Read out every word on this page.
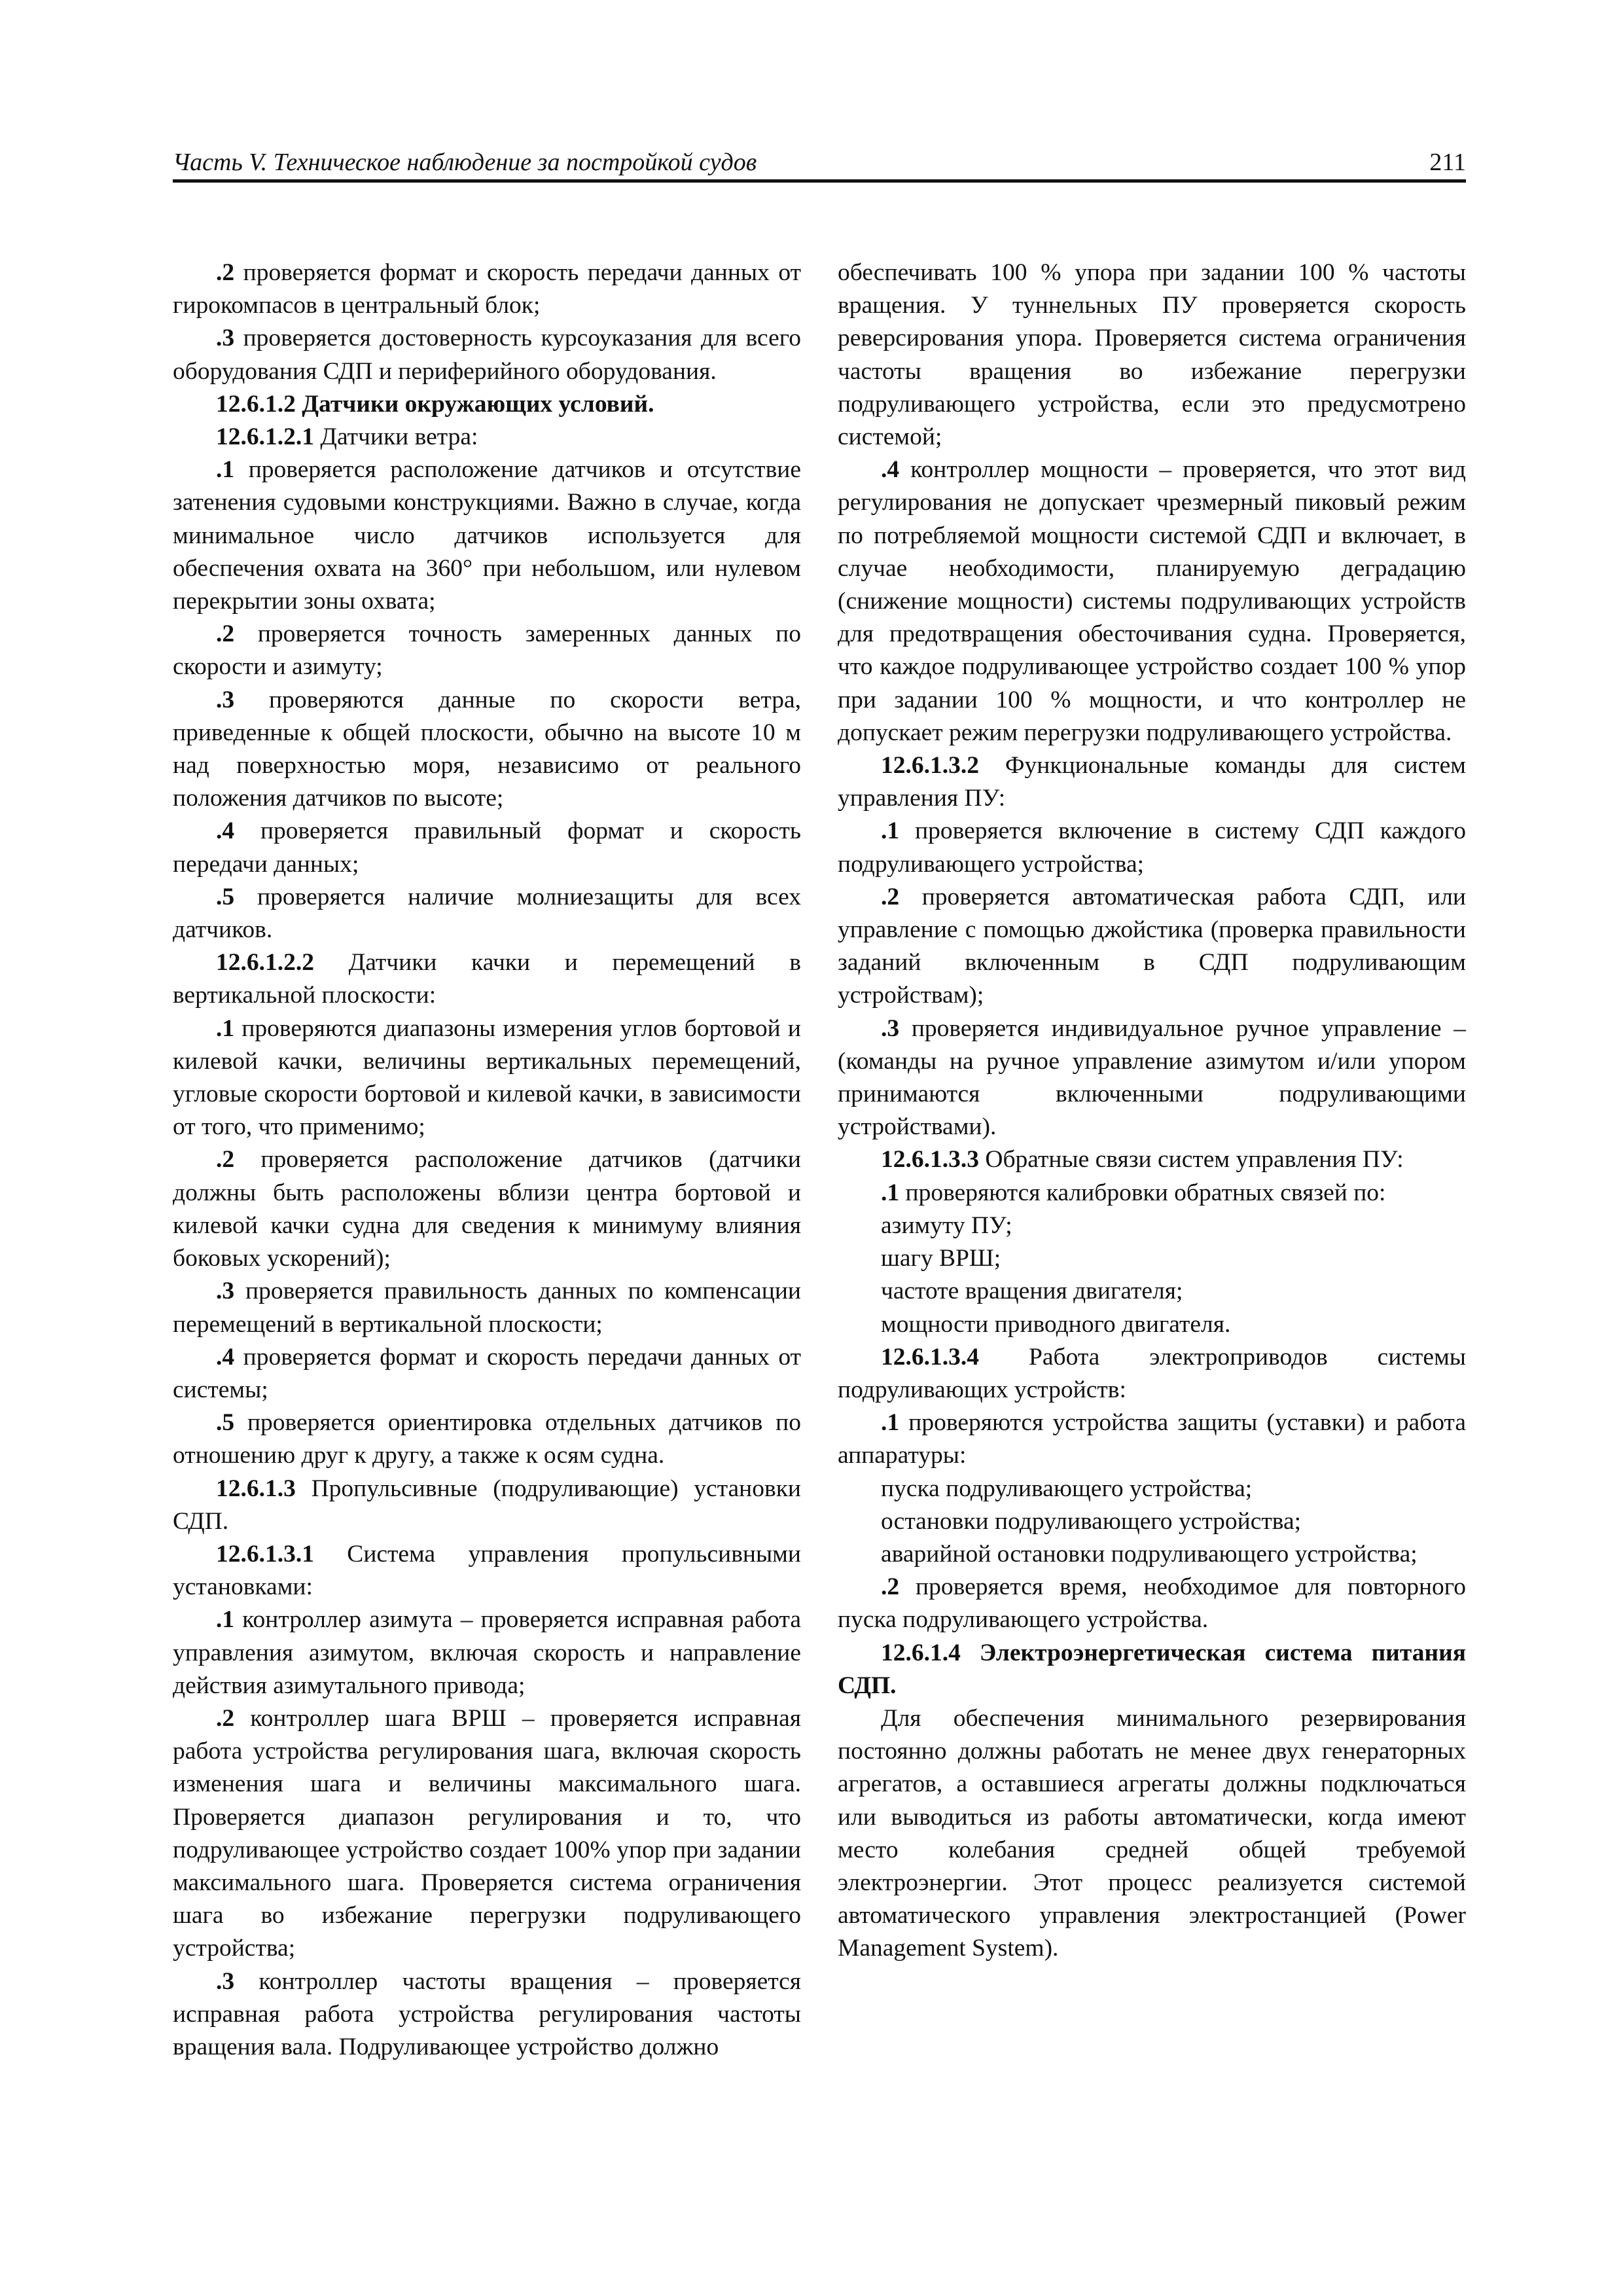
Часть V. Техническое наблюдение за постройкой судов	211

.2 проверяется формат и скорость передачи данных от гирокомпасов в центральный блок;

.3 проверяется достоверность курсоуказания для всего оборудования СДП и периферийного оборудования.

12.6.1.2 Датчики окружающих условий.

12.6.1.2.1 Датчики ветра:

.1 проверяется расположение датчиков и отсутствие затенения судовыми конструкциями. Важно в случае, когда минимальное число датчиков используется для обеспечения охвата на 360° при небольшом, или нулевом перекрытии зоны охвата;

.2 проверяется точность замеренных данных по скорости и азимуту;

.3 проверяются данные по скорости ветра, приведенные к общей плоскости, обычно на высоте 10 м над поверхностью моря, независимо от реального положения датчиков по высоте;

.4 проверяется правильный формат и скорость передачи данных;

.5 проверяется наличие молниезащиты для всех датчиков.

12.6.1.2.2 Датчики качки и перемещений в вертикальной плоскости:

.1 проверяются диапазоны измерения углов бортовой и килевой качки, величины вертикальных перемещений, угловые скорости бортовой и килевой качки, в зависимости от того, что применимо;

.2 проверяется расположение датчиков (датчики должны быть расположены вблизи центра бортовой и килевой качки судна для сведения к минимуму влияния боковых ускорений);

.3 проверяется правильность данных по компенсации перемещений в вертикальной плоскости;

.4 проверяется формат и скорость передачи данных от системы;

.5 проверяется ориентировка отдельных датчиков по отношению друг к другу, а также к осям судна.

12.6.1.3 Пропульсивные (подруливающие) установки СДП.

12.6.1.3.1 Система управления пропульсивными установками:

.1 контроллер азимута – проверяется исправная работа управления азимутом, включая скорость и направление действия азимутального привода;

.2 контроллер шага ВРШ – проверяется исправная работа устройства регулирования шага, включая скорость изменения шага и величины максимального шага. Проверяется диапазон регулирования и то, что подруливающее устройство создает 100% упор при задании максимального шага. Проверяется система ограничения шага во избежание перегрузки подруливающего устройства;

.3 контроллер частоты вращения – проверяется исправная работа устройства регулирования частоты вращения вала. Подруливающее устройство должно

обеспечивать 100 % упора при задании 100 % частоты вращения. У туннельных ПУ проверяется скорость реверсирования упора. Проверяется система ограничения частоты вращения во избежание перегрузки подруливающего устройства, если это предусмотрено системой;

.4 контроллер мощности – проверяется, что этот вид регулирования не допускает чрезмерный пиковый режим по потребляемой мощности системой СДП и включает, в случае необходимости, планируемую деградацию (снижение мощности) системы подруливающих устройств для предотвращения обесточивания судна. Проверяется, что каждое подруливающее устройство создает 100 % упор при задании 100 % мощности, и что контроллер не допускает режим перегрузки подруливающего устройства.

12.6.1.3.2 Функциональные команды для систем управления ПУ:

.1 проверяется включение в систему СДП каждого подруливающего устройства;

.2 проверяется автоматическая работа СДП, или управление с помощью джойстика (проверка правильности заданий включенным в СДП подруливающим устройствам);

.3 проверяется индивидуальное ручное управление – (команды на ручное управление азимутом и/или упором принимаются включенными подруливающими устройствами).

12.6.1.3.3 Обратные связи систем управления ПУ:

.1 проверяются калибровки обратных связей по:

азимуту ПУ;

шагу ВРШ;

частоте вращения двигателя;

мощности приводного двигателя.

12.6.1.3.4 Работа электроприводов системы подруливающих устройств:

.1 проверяются устройства защиты (уставки) и работа аппаратуры:

пуска подруливающего устройства;

остановки подруливающего устройства;

аварийной остановки подруливающего устройства;

.2 проверяется время, необходимое для повторного пуска подруливающего устройства.

12.6.1.4 Электроэнергетическая система питания СДП.

Для обеспечения минимального резервирования постоянно должны работать не менее двух генераторных агрегатов, а оставшиеся агрегаты должны подключаться или выводиться из работы автоматически, когда имеют место колебания средней общей требуемой электроэнергии. Этот процесс реализуется системой автоматического управления электростанцией (Power Management System).
